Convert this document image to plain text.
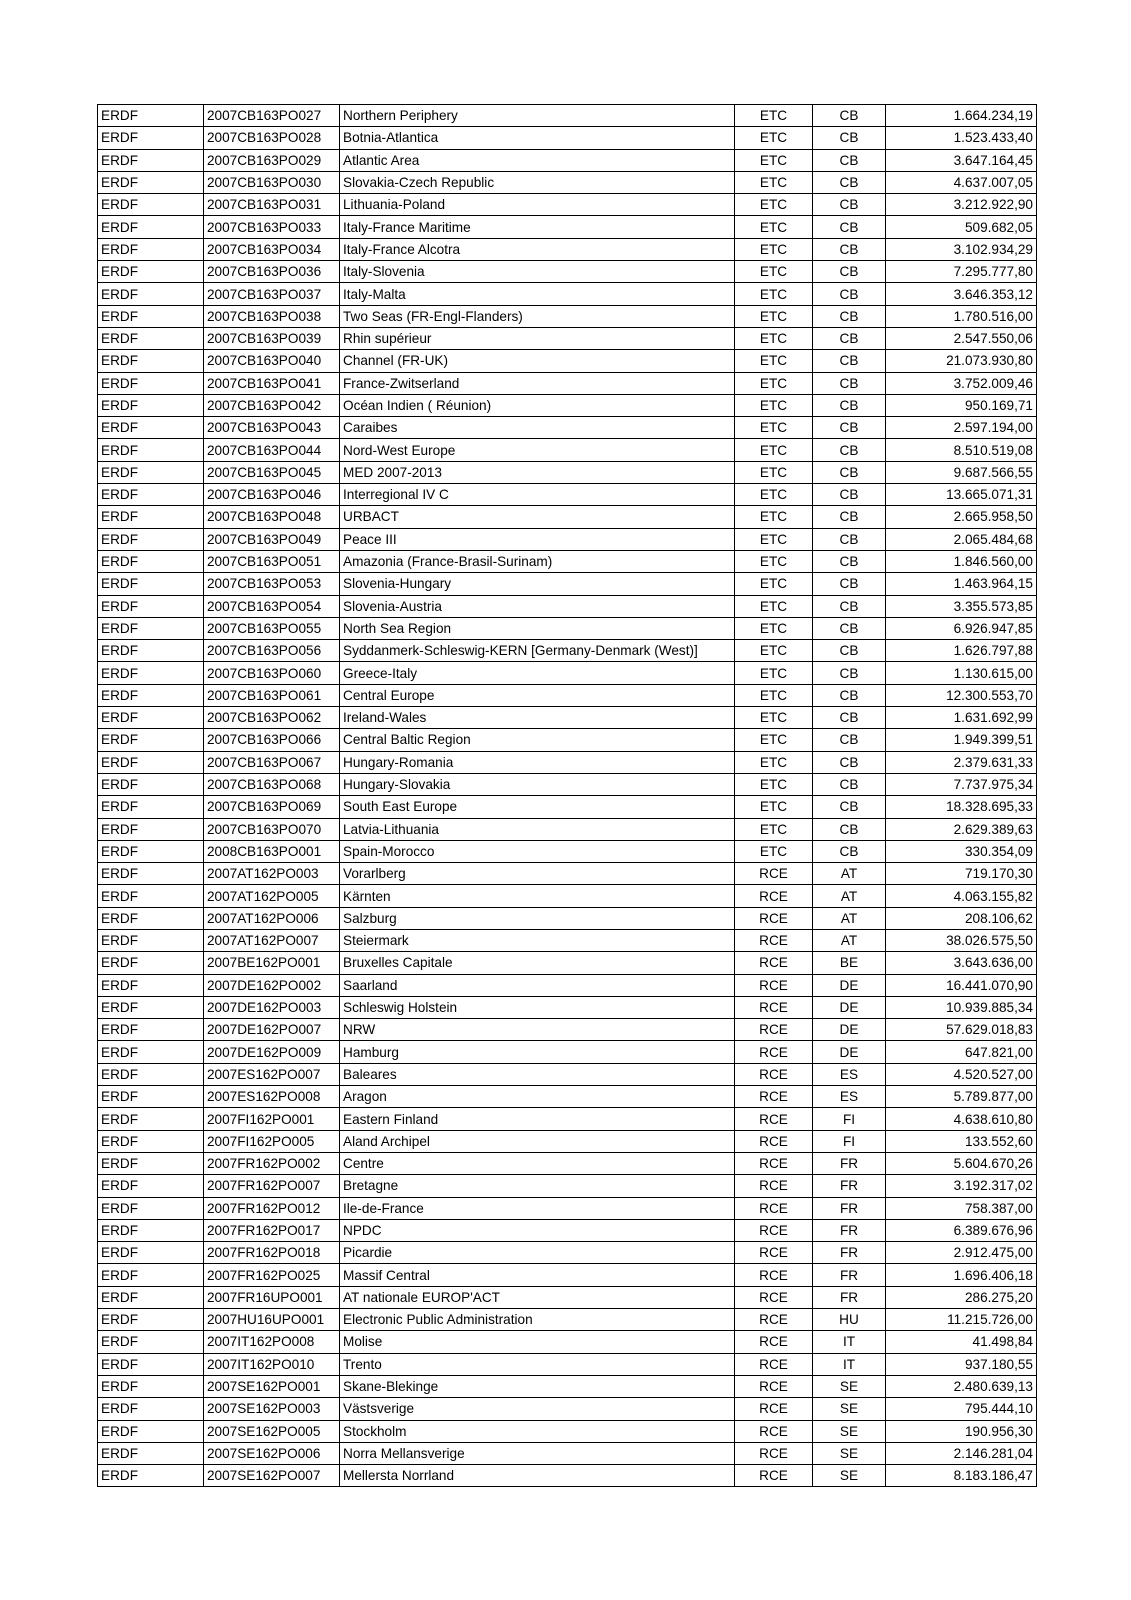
ERDF	2007CB163PO027	Northern Periphery	ETC	CB	1.664.234,19
ERDF	2007CB163PO028	Botnia-Atlantica	ETC	CB	1.523.433,40
ERDF	2007CB163PO029	Atlantic Area	ETC	CB	3.647.164,45
ERDF	2007CB163PO030	Slovakia-Czech Republic	ETC	CB	4.637.007,05
ERDF	2007CB163PO031	Lithuania-Poland	ETC	CB	3.212.922,90
ERDF	2007CB163PO033	Italy-France Maritime	ETC	CB	509.682,05
ERDF	2007CB163PO034	Italy-France Alcotra	ETC	CB	3.102.934,29
ERDF	2007CB163PO036	Italy-Slovenia	ETC	CB	7.295.777,80
ERDF	2007CB163PO037	Italy-Malta	ETC	CB	3.646.353,12
ERDF	2007CB163PO038	Two Seas (FR-Engl-Flanders)	ETC	CB	1.780.516,00
ERDF	2007CB163PO039	Rhin supérieur	ETC	CB	2.547.550,06
ERDF	2007CB163PO040	Channel (FR-UK)	ETC	CB	21.073.930,80
ERDF	2007CB163PO041	France-Zwitserland	ETC	CB	3.752.009,46
ERDF	2007CB163PO042	Océan Indien ( Réunion)	ETC	CB	950.169,71
ERDF	2007CB163PO043	Caraibes	ETC	CB	2.597.194,00
ERDF	2007CB163PO044	Nord-West Europe	ETC	CB	8.510.519,08
ERDF	2007CB163PO045	MED 2007-2013	ETC	CB	9.687.566,55
ERDF	2007CB163PO046	Interregional IV C	ETC	CB	13.665.071,31
ERDF	2007CB163PO048	URBACT	ETC	CB	2.665.958,50
ERDF	2007CB163PO049	Peace III	ETC	CB	2.065.484,68
ERDF	2007CB163PO051	Amazonia (France-Brasil-Surinam)	ETC	CB	1.846.560,00
ERDF	2007CB163PO053	Slovenia-Hungary	ETC	CB	1.463.964,15
ERDF	2007CB163PO054	Slovenia-Austria	ETC	CB	3.355.573,85
ERDF	2007CB163PO055	North Sea Region	ETC	CB	6.926.947,85
ERDF	2007CB163PO056	Syddanmerk-Schleswig-KERN [Germany-Denmark (West)]	ETC	CB	1.626.797,88
ERDF	2007CB163PO060	Greece-Italy	ETC	CB	1.130.615,00
ERDF	2007CB163PO061	Central Europe	ETC	CB	12.300.553,70
ERDF	2007CB163PO062	Ireland-Wales	ETC	CB	1.631.692,99
ERDF	2007CB163PO066	Central Baltic Region	ETC	CB	1.949.399,51
ERDF	2007CB163PO067	Hungary-Romania	ETC	CB	2.379.631,33
ERDF	2007CB163PO068	Hungary-Slovakia	ETC	CB	7.737.975,34
ERDF	2007CB163PO069	South East Europe	ETC	CB	18.328.695,33
ERDF	2007CB163PO070	Latvia-Lithuania	ETC	CB	2.629.389,63
ERDF	2008CB163PO001	Spain-Morocco	ETC	CB	330.354,09
ERDF	2007AT162PO003	Vorarlberg	RCE	AT	719.170,30
ERDF	2007AT162PO005	Kärnten	RCE	AT	4.063.155,82
ERDF	2007AT162PO006	Salzburg	RCE	AT	208.106,62
ERDF	2007AT162PO007	Steiermark	RCE	AT	38.026.575,50
ERDF	2007BE162PO001	Bruxelles Capitale	RCE	BE	3.643.636,00
ERDF	2007DE162PO002	Saarland	RCE	DE	16.441.070,90
ERDF	2007DE162PO003	Schleswig Holstein	RCE	DE	10.939.885,34
ERDF	2007DE162PO007	NRW	RCE	DE	57.629.018,83
ERDF	2007DE162PO009	Hamburg	RCE	DE	647.821,00
ERDF	2007ES162PO007	Baleares	RCE	ES	4.520.527,00
ERDF	2007ES162PO008	Aragon	RCE	ES	5.789.877,00
ERDF	2007FI162PO001	Eastern Finland	RCE	FI	4.638.610,80
ERDF	2007FI162PO005	Aland Archipel	RCE	FI	133.552,60
ERDF	2007FR162PO002	Centre	RCE	FR	5.604.670,26
ERDF	2007FR162PO007	Bretagne	RCE	FR	3.192.317,02
ERDF	2007FR162PO012	Ile-de-France	RCE	FR	758.387,00
ERDF	2007FR162PO017	NPDC	RCE	FR	6.389.676,96
ERDF	2007FR162PO018	Picardie	RCE	FR	2.912.475,00
ERDF	2007FR162PO025	Massif Central	RCE	FR	1.696.406,18
ERDF	2007FR16UPO001	AT nationale EUROP'ACT	RCE	FR	286.275,20
ERDF	2007HU16UPO001	Electronic Public Administration	RCE	HU	11.215.726,00
ERDF	2007IT162PO008	Molise	RCE	IT	41.498,84
ERDF	2007IT162PO010	Trento	RCE	IT	937.180,55
ERDF	2007SE162PO001	Skane-Blekinge	RCE	SE	2.480.639,13
ERDF	2007SE162PO003	Västsverige	RCE	SE	795.444,10
ERDF	2007SE162PO005	Stockholm	RCE	SE	190.956,30
ERDF	2007SE162PO006	Norra Mellansverige	RCE	SE	2.146.281,04
ERDF	2007SE162PO007	Mellersta Norrland	RCE	SE	8.183.186,47
